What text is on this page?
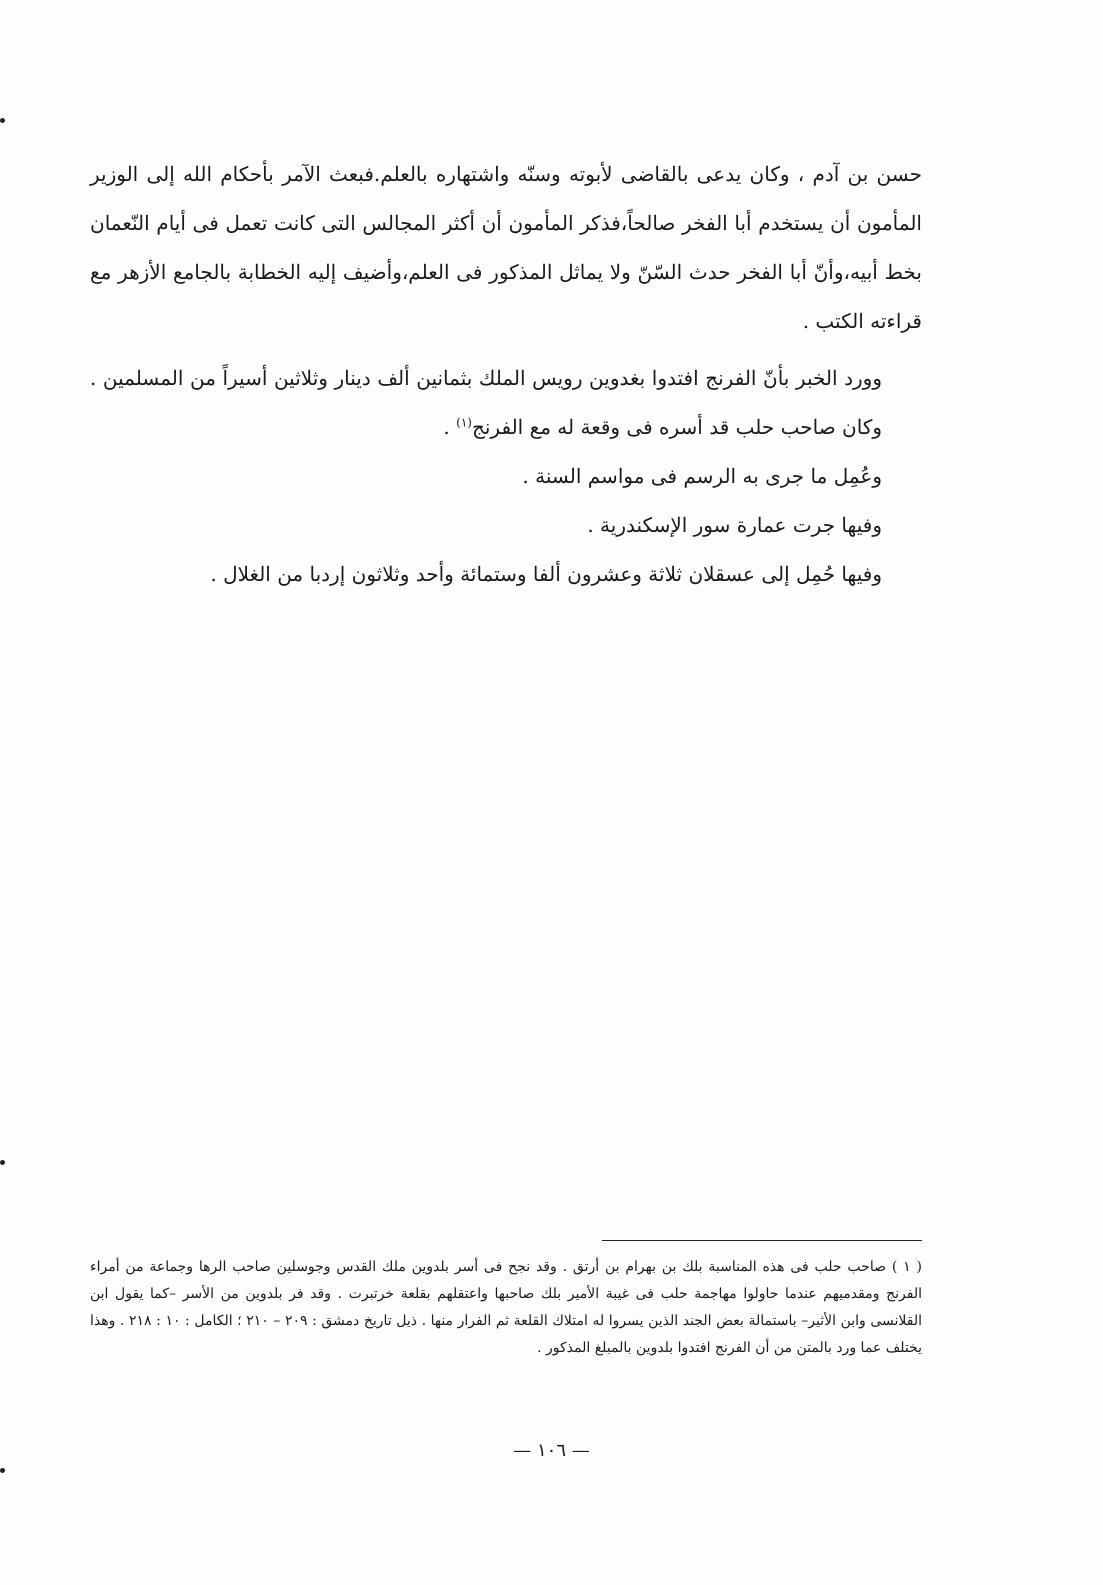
حسن بن آدم ، وكان يدعى بالقاضى لأبوته وسنّه واشتهاره بالعلم.فبعث الآمر بأحكام الله إلى الوزير المأمون أن يستخدم أبا الفخر صالحاً،فذكر المأمون أن أكثر المجالس التى كانت تعمل فى أيام النّعمان بخط أبيه،وأنّ أبا الفخر حدث السّنّ ولا يماثل المذكور فى العلم،وأضيف إليه الخطابة بالجامع الأزهر مع قراءته الكتب .

وورد الخبر بأنّ الفرنج افتدوا بغدوين رويس الملك بثمانين ألف دينار وثلاثين أسيراً من المسلمين . وكان صاحب حلب قد أسره فى وقعة له مع الفرنج$^{(١)}$ .

وعُمِل ما جرى به الرسم فى مواسم السنة .

وفيها جرت عمارة سور الإسكندرية .

وفيها حُمِل إلى عسقلان ثلاثة وعشرون ألفا وستمائة وأحد وثلاثون إردبا من الغلال .

( ١ ) صاحب حلب فى هذه المناسبة بلك بن بهرام بن أرتق . وقد نجح فى أسر بلدوين ملك القدس وجوسلين صاحب الرها وجماعة من أمراء الفرنج ومقدميهم عندما حاولوا مهاجمة حلب فى غيبة الأمير بلك صاحبها واعتقلهم بقلعة خرتبرت . وقد فر بلدوين من الأسر –كما يقول ابن القلانسى وابن الأثير– باستمالة بعض الجند الذين يسروا له امتلاك القلعة ثم الفرار منها . ذيل تاريخ دمشق : ٢٠٩ – ٢١٠ ؛ الكامل : ١٠ : ٢١٨ . وهذا يختلف عما ورد بالمتن من أن الفرنج افتدوا بلدوين بالمبلغ المذكور .

— ١٠٦ —
